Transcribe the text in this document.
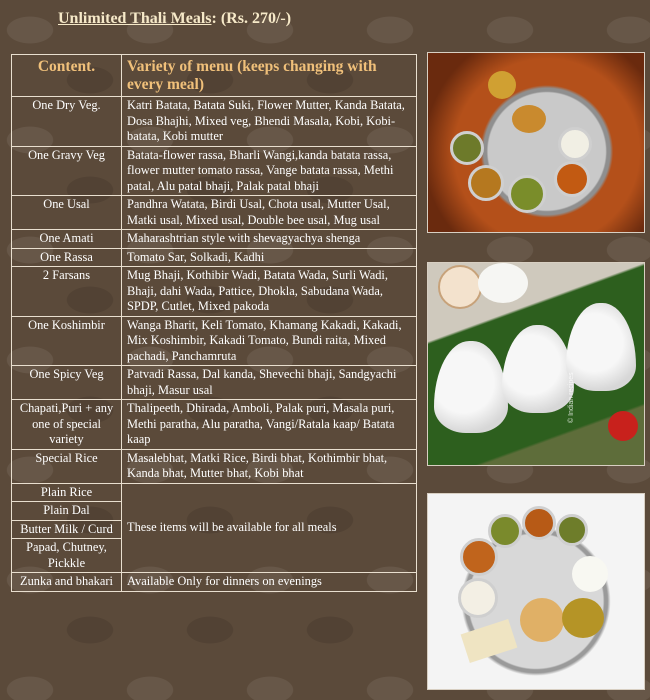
Unlimited Thali Meals: (Rs. 270/-)
Content.	Variety of menu (keeps changing with every meal)
One Dry Veg.	Katri Batata, Batata Suki, Flower Mutter, Kanda Batata, Dosa Bhajhi, Mixed veg, Bhendi Masala, Kobi, Kobi-batata, Kobi mutter
One Gravy Veg	Batata-flower rassa, Bharli Wangi,kanda batata rassa, flower mutter tomato rassa, Vange batata rassa, Methi patal, Alu patal bhaji, Palak patal bhaji
One Usal	Pandhra Watata, Birdi Usal, Chota usal, Mutter Usal, Matki usal, Mixed usal, Double bee usal, Mug usal
One Amati	Maharashtrian style with shevagyachya shenga
One Rassa	Tomato Sar, Solkadi, Kadhi
2 Farsans	Mug Bhaji, Kothibir Wadi, Batata Wada, Surli Wadi, Bhaji, dahi Wada, Pattice, Dhokla, Sabudana Wada, SPDP, Cutlet, Mixed pakoda
One Koshimbir	Wanga Bharit, Keli Tomato, Khamang Kakadi, Kakadi, Mix Koshimbir, Kakadi Tomato, Bundi raita, Mixed pachadi, Panchamruta
One Spicy Veg	Patvadi Rassa, Dal kanda, Shevechi bhaji, Sandgyachi bhaji, Masur usal
Chapati,Puri + any one of special variety	Thalipeeth, Dhirada, Amboli, Palak puri, Masala puri, Methi paratha, Alu paratha, Vangi/Ratala kaap/ Batata kaap
Special Rice	Masalebhat, Matki Rice, Birdi bhat, Kothimbir bhat, Kanda bhat, Mutter bhat, Kobi bhat
Plain Rice	These items will be available for all meals
Plain Dal	
Butter Milk / Curd	
Papad, Chutney, Pickkle	
Zunka and bhakari	Available Only for dinners on evenings
© Indian recipes
